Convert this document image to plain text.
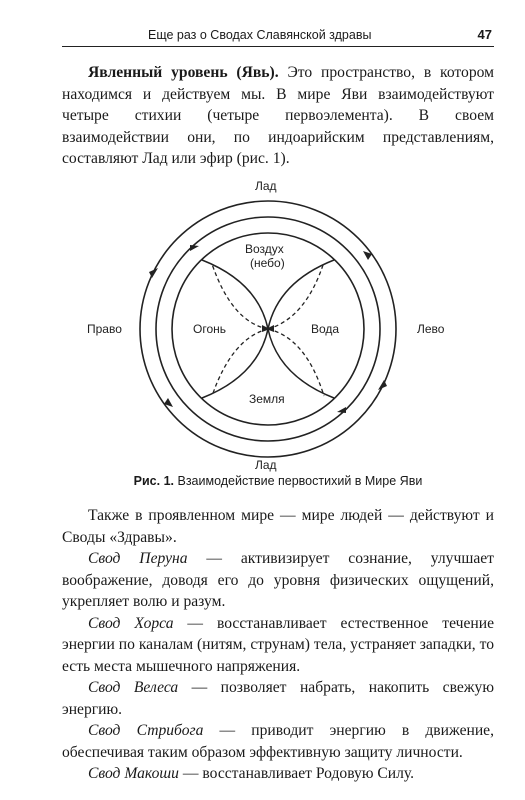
Еще раз о Сводах Славянской здравы	47
Явленный уровень (Явь). Это пространство, в котором находимся и действуем мы. В мире Яви взаимодействуют четыре стихии (четыре первоэлемента). В своем взаимодействии они, по индоарийским представлениям, составляют Лад или эфир (рис. 1).
Лад
Воздух
(небо)
Право	Огонь	Вода	Лево
Земля
Лад
Рис. 1. Взаимодействие первостихий в Мире Яви

Также в проявленном мире — мире людей — действуют и Своды «Здравы».

Свод Перуна — активизирует сознание, улучшает воображение, доводя его до уровня физических ощущений, укрепляет волю и разум.

Свод Хорса — восстанавливает естественное течение энергии по каналам (нитям, струнам) тела, устраняет западки, то есть места мышечного напряжения.

Свод Велеса — позволяет набрать, накопить свежую энергию.

Свод Стрибога — приводит энергию в движение, обеспечивая таким образом эффективную защиту личности.

Свод Макоши — восстанавливает Родовую Силу.
